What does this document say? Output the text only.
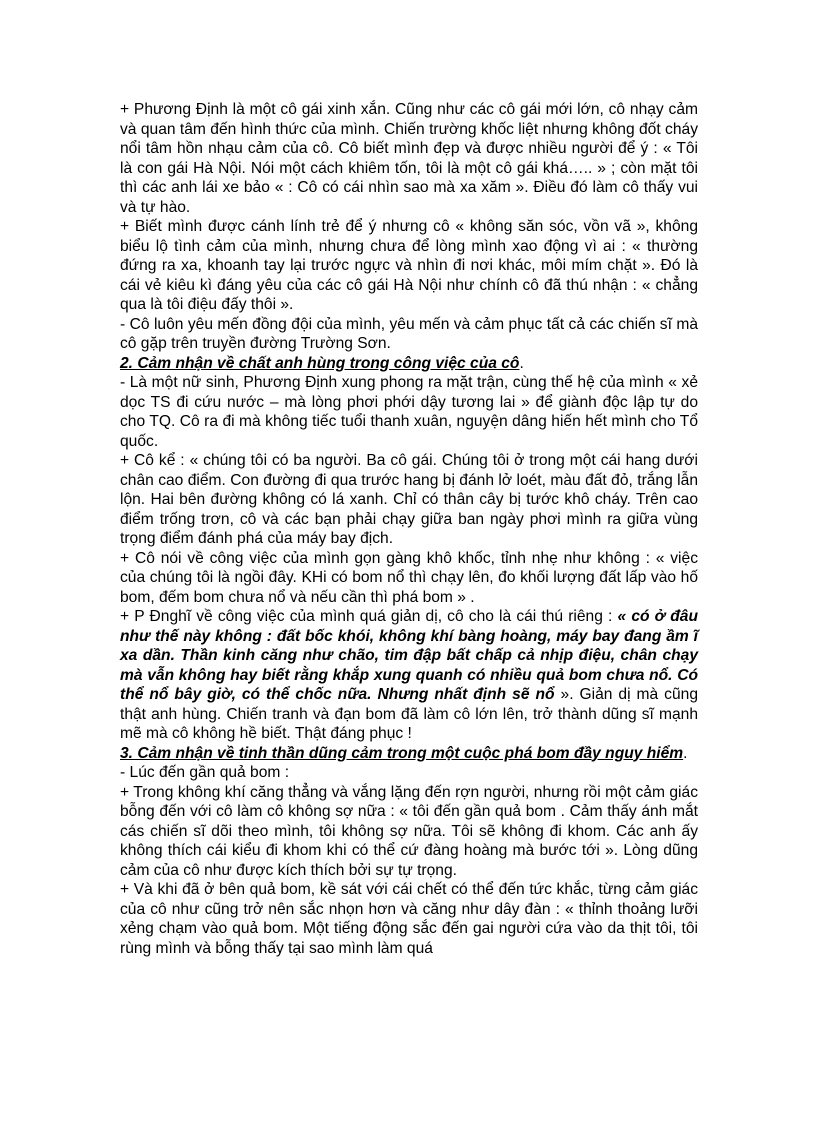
+ Phương Định là một cô gái xinh xắn. Cũng như các cô gái mới lớn, cô nhạy cảm và quan tâm đến hình thức của mình. Chiến trường khốc liệt nhưng không đốt cháy nổi tâm hồn nhạu cảm của cô. Cô biết mình đẹp và được nhiều người để ý : « Tôi là con gái Hà Nội. Nói một cách khiêm tốn, tôi là một cô gái khá….. » ; còn mặt tôi thì các anh lái xe bảo « : Cô có cái nhìn sao mà xa xăm ». Điều đó làm cô thấy vui và tự hào.

+ Biết mình được cánh lính trẻ để ý nhưng cô « không săn sóc, vồn vã », không biểu lộ tình cảm của mình, nhưng chưa để lòng mình xao động vì ai : « thường đứng ra xa, khoanh tay lại trước ngực và nhìn đi nơi khác, môi mím chặt ». Đó là cái vẻ kiêu kì đáng yêu của các cô gái Hà Nội như chính cô đã thú nhận : « chẳng qua là tôi điệu đấy thôi ».

- Cô luôn yêu mến đồng đội của mình, yêu mến và cảm phục tất cả các chiến sĩ mà cô gặp trên truyền đường Trường Sơn.

2. Cảm nhận về chất anh hùng trong công việc của cô.

- Là một nữ sinh, Phương Định xung phong ra mặt trận, cùng thế hệ của mình « xẻ dọc TS đi cứu nước – mà lòng phơi phới dậy tương lai » để giành độc lập tự do cho TQ. Cô ra đi mà không tiếc tuổi thanh xuân, nguyện dâng hiến hết mình cho Tổ quốc.

+ Cô kể : « chúng tôi có ba người. Ba cô gái. Chúng tôi ở trong một cái hang dưới chân cao điểm. Con đường đi qua trước hang bị đánh lở loét, màu đất đỏ, trắng lẫn lộn. Hai bên đường không có lá xanh. Chỉ có thân cây bị tước khô cháy. Trên cao điểm trống trơn, cô và các bạn phải chạy giữa ban ngày phơi mình ra giữa vùng trọng điểm đánh phá của máy bay địch.

+ Cô nói về công việc của mình gọn gàng khô khốc, tỉnh nhẹ như không : « việc của chúng tôi là ngồi đây. KHi có bom nổ thì chạy lên, đo khối lượng đất lấp vào hố bom, đếm bom chưa nổ và nếu cần thì phá bom » .

+ P Đnghĩ về công việc của mình quá giản dị, cô cho là cái thú riêng : « có ở đâu như thế này không : đất bốc khói, không khí bàng hoàng, máy bay đang ầm ĩ xa dần. Thần kinh căng như chão, tim đập bất chấp cả nhịp điệu, chân chạy mà vẫn không hay biết rằng khắp xung quanh có nhiều quả bom chưa nổ. Có thể nổ bây giờ, có thể chốc nữa. Nhưng nhất định sẽ nổ ». Giản dị mà cũng thật anh hùng. Chiến tranh và đạn bom đã làm cô lớn lên, trở thành dũng sĩ mạnh mẽ mà cô không hề biết. Thật đáng phục !

3. Cảm nhận về tinh thần dũng cảm trong một cuộc phá bom đầy nguy hiểm.

- Lúc đến gần quả bom :

+ Trong không khí căng thẳng và vắng lặng đến rợn người, nhưng rồi một cảm giác bỗng đến với cô làm cô không sợ nữa : « tôi đến gần quả bom . Cảm thấy ánh mắt cás chiến sĩ dõi theo mình, tôi không sợ nữa. Tôi sẽ không đi khom. Các anh ấy không thích cái kiểu đi khom khi có thể cứ đàng hoàng mà bước tới ». Lòng dũng cảm của cô như được kích thích bởi sự tự trọng.

+ Và khi đã ở bên quả bom, kề sát với cái chết có thể đến tức khắc, từng cảm giác của cô như cũng trở nên sắc nhọn hơn và căng như dây đàn : « thỉnh thoảng lưỡi xẻng chạm vào quả bom. Một tiếng động sắc đến gai người cứa vào da thịt tôi, tôi rùng mình và bỗng thấy tại sao mình làm quá
